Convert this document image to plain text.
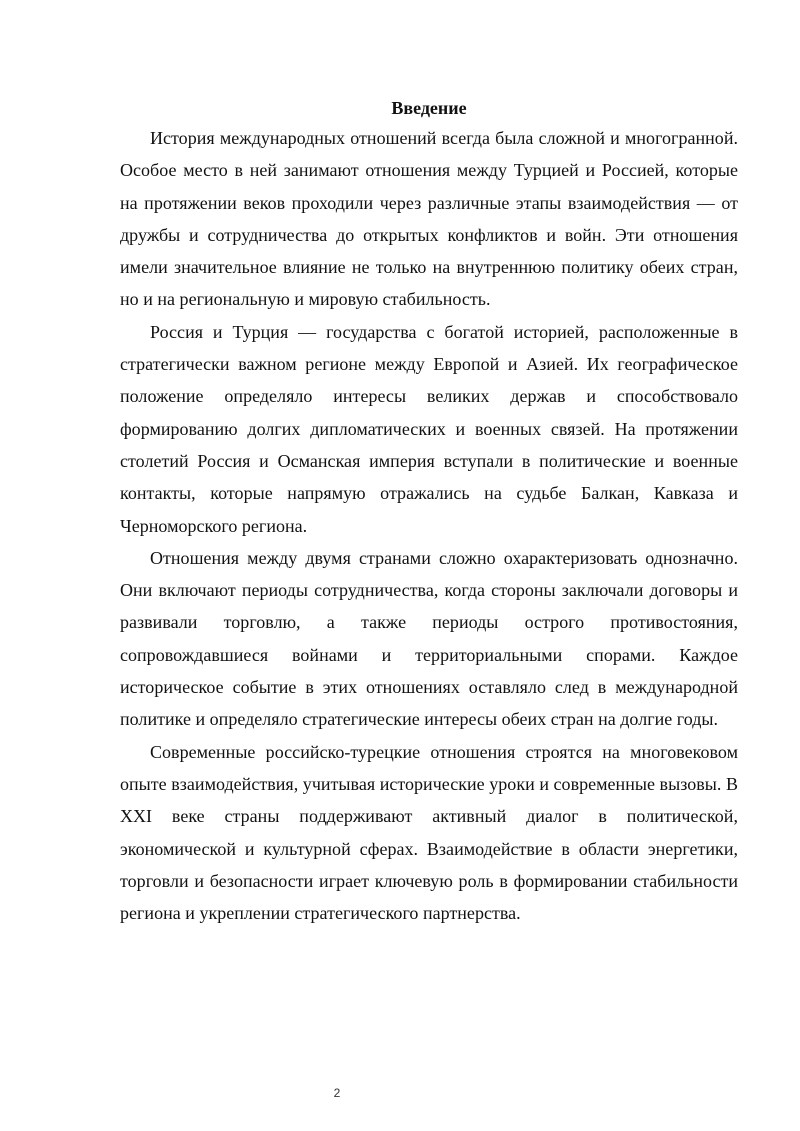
Введение

История международных отношений всегда была сложной и многогранной. Особое место в ней занимают отношения между Турцией и Россией, которые на протяжении веков проходили через различные этапы взаимодействия — от дружбы и сотрудничества до открытых конфликтов и войн. Эти отношения имели значительное влияние не только на внутреннюю политику обеих стран, но и на региональную и мировую стабильность.

Россия и Турция — государства с богатой историей, расположенные в стратегически важном регионе между Европой и Азией. Их географическое положение определяло интересы великих держав и способствовало формированию долгих дипломатических и военных связей. На протяжении столетий Россия и Османская империя вступали в политические и военные контакты, которые напрямую отражались на судьбе Балкан, Кавказа и Черноморского региона.

Отношения между двумя странами сложно охарактеризовать однозначно. Они включают периоды сотрудничества, когда стороны заключали договоры и развивали торговлю, а также периоды острого противостояния, сопровождавшиеся войнами и территориальными спорами. Каждое историческое событие в этих отношениях оставляло след в международной политике и определяло стратегические интересы обеих стран на долгие годы.

Современные российско-турецкие отношения строятся на многовековом опыте взаимодействия, учитывая исторические уроки и современные вызовы. В XXI веке страны поддерживают активный диалог в политической, экономической и культурной сферах. Взаимодействие в области энергетики, торговли и безопасности играет ключевую роль в формировании стабильности региона и укреплении стратегического партнерства.

2
